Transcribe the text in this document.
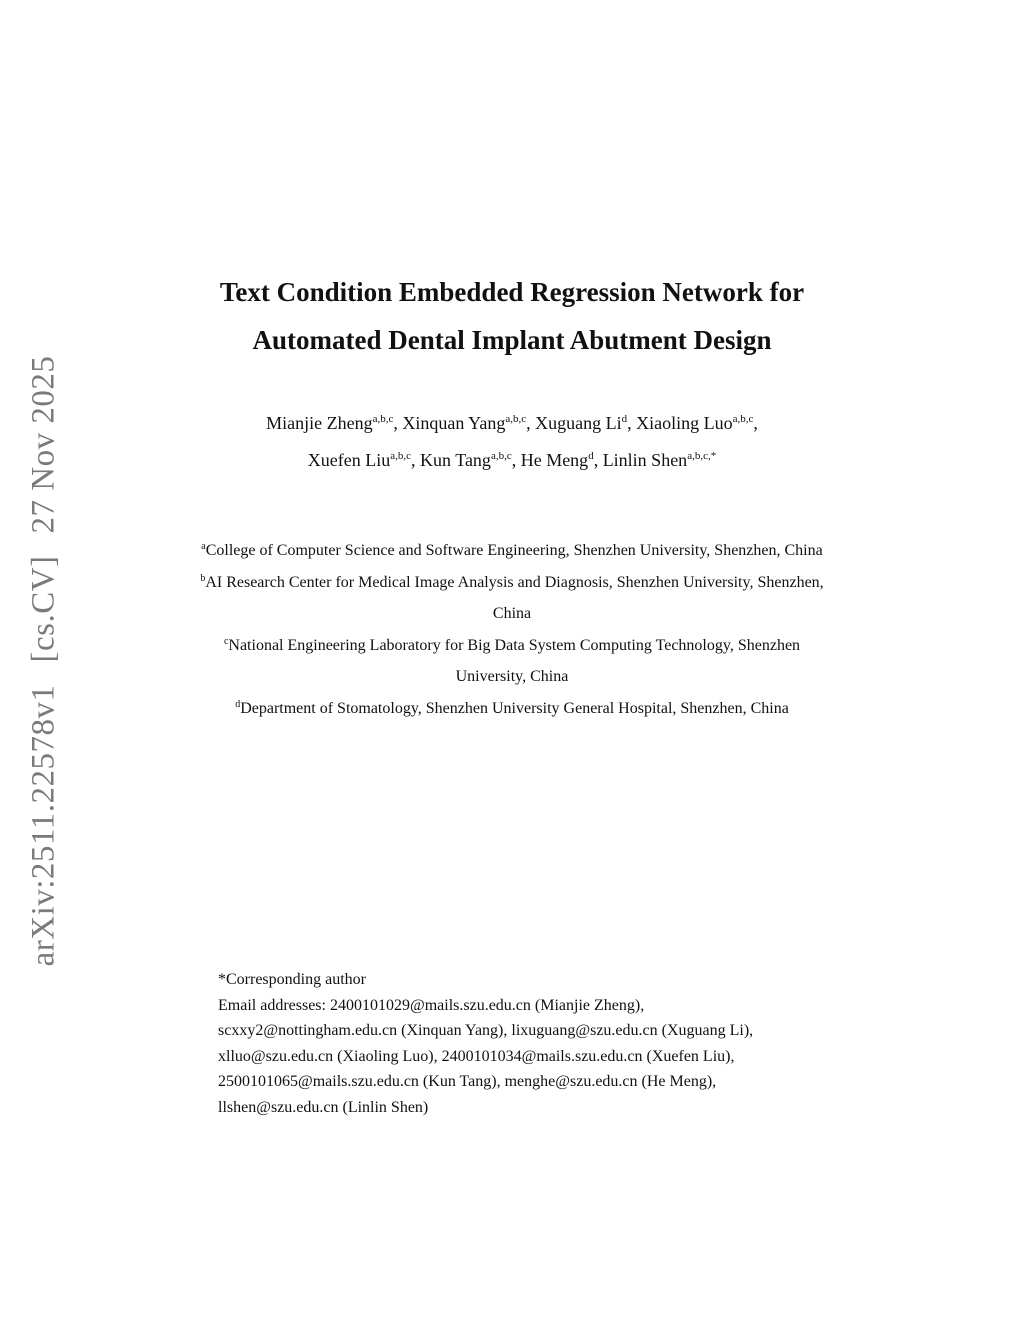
arXiv:2511.22578v1[cs.CV]27 Nov 2025
Text Condition Embedded Regression Network for
Automated Dental Implant Abutment Design
Mianjie Zheng$^{a,b,c}$, Xinquan Yang$^{a,b,c}$, Xuguang Li$^d$, Xiaoling Luo$^{a,b,c}$,
Xuefen Liu$^{a,b,c}$, Kun Tang$^{a,b,c}$, He Meng$^d$, Linlin Shen$^{a,b,c,*}$
$^a$College of Computer Science and Software Engineering, Shenzhen University, Shenzhen, China
$^b$AI Research Center for Medical Image Analysis and Diagnosis, Shenzhen University, Shenzhen, China
$^c$National Engineering Laboratory for Big Data System Computing Technology, Shenzhen University, China
$^d$Department of Stomatology, Shenzhen University General Hospital, Shenzhen, China
*Corresponding author
Email addresses: 2400101029@mails.szu.edu.cn (Mianjie Zheng),
scxxy2@nottingham.edu.cn (Xinquan Yang), lixuguang@szu.edu.cn (Xuguang Li),
xlluo@szu.edu.cn (Xiaoling Luo), 2400101034@mails.szu.edu.cn (Xuefen Liu),
2500101065@mails.szu.edu.cn (Kun Tang), menghe@szu.edu.cn (He Meng),
llshen@szu.edu.cn (Linlin Shen)
